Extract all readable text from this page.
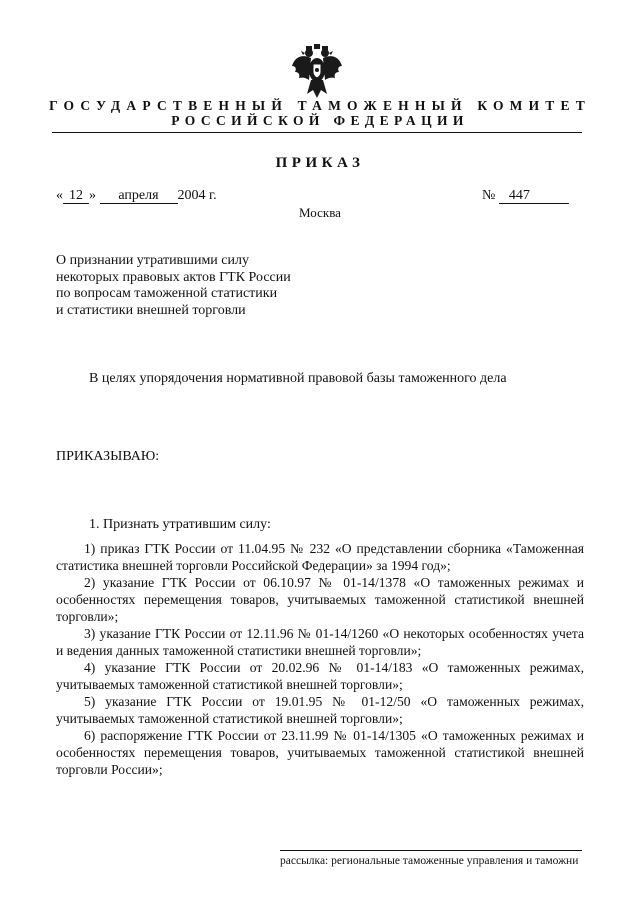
ГОСУДАРСТВЕННЫЙ ТАМОЖЕННЫЙ КОМИТЕТ
РОССИЙСКОЙ ФЕДЕРАЦИИ
ПРИКАЗ
« 12 » апреля 2004 г.	№ 447
Москва
О признании утратившими силу
некоторых правовых актов ГТК России
по вопросам таможенной статистики
и статистики внешней торговли
В целях упорядочения нормативной правовой базы таможенного дела
ПРИКАЗЫВАЮ:
1. Признать утратившим силу:

1) приказ ГТК России от 11.04.95 № 232 «О представлении сборника «Таможенная статистика внешней торговли Российской Федерации» за 1994 год»;

2) указание ГТК России от 06.10.97 № 01-14/1378 «О таможенных режимах и особенностях перемещения товаров, учитываемых таможенной статистикой внешней торговли»;

3) указание ГТК России от 12.11.96 № 01-14/1260 «О некоторых особенностях учета и ведения данных таможенной статистики внешней торговли»;

4) указание ГТК России от 20.02.96 № 01-14/183 «О таможенных режимах, учитываемых таможенной статистикой внешней торговли»;

5) указание ГТК России от 19.01.95 № 01-12/50 «О таможенных режимах, учитываемых таможенной статистикой внешней торговли»;

6) распоряжение ГТК России от 23.11.99 № 01-14/1305 «О таможенных режимах и особенностях перемещения товаров, учитываемых таможенной статистикой внешней торговли России»;

рассылка: региональные таможенные управления и таможни
